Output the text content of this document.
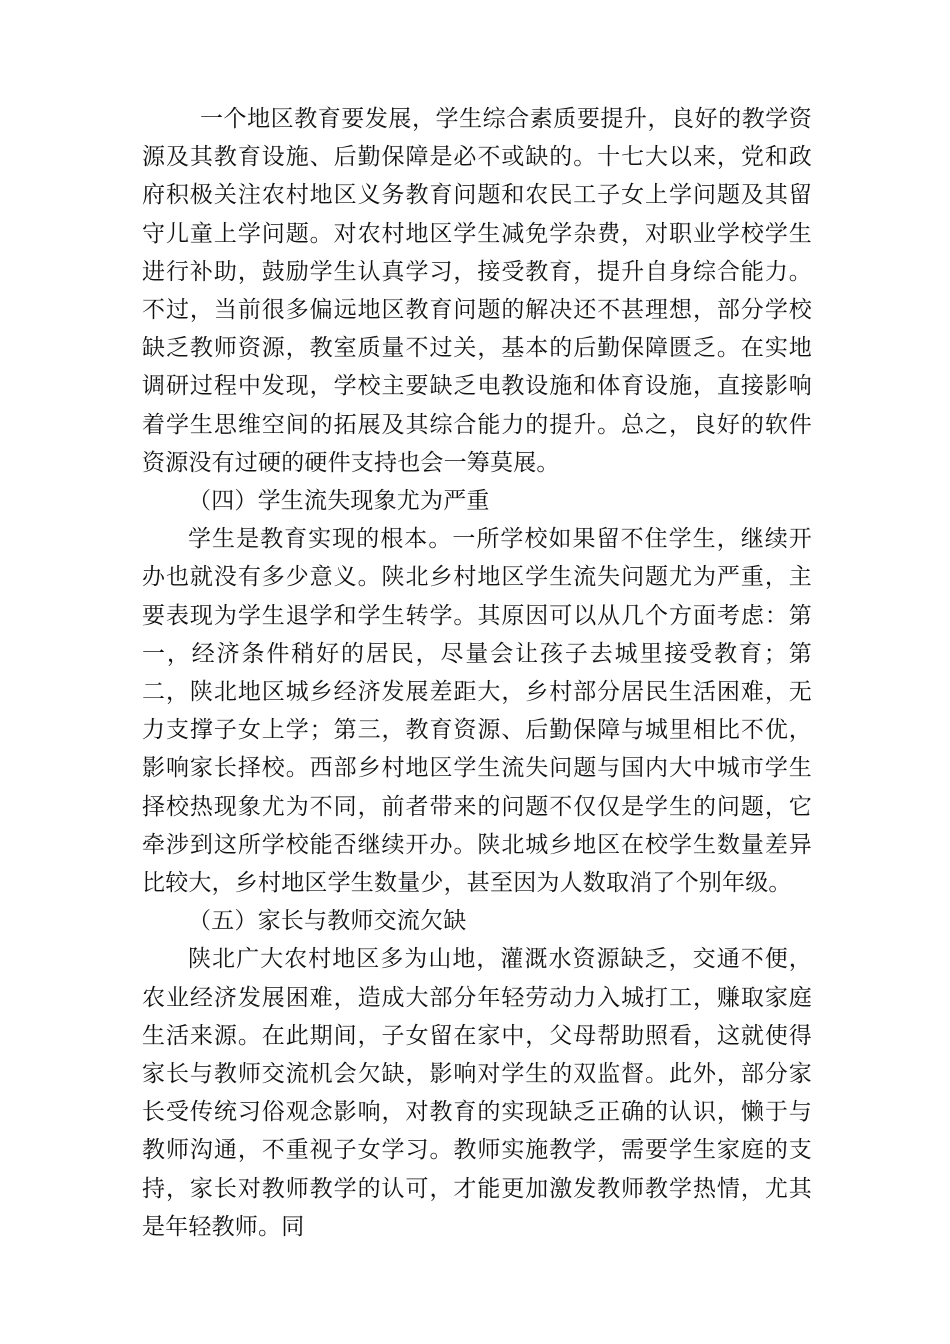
一个地区教育要发展，学生综合素质要提升，良好的教学资源及其教育设施、后勤保障是必不或缺的。十七大以来，党和政府积极关注农村地区义务教育问题和农民工子女上学问题及其留守儿童上学问题。对农村地区学生减免学杂费，对职业学校学生进行补助，鼓励学生认真学习，接受教育，提升自身综合能力。不过，当前很多偏远地区教育问题的解决还不甚理想，部分学校缺乏教师资源，教室质量不过关，基本的后勤保障匮乏。在实地调研过程中发现，学校主要缺乏电教设施和体育设施，直接影响着学生思维空间的拓展及其综合能力的提升。总之，良好的软件资源没有过硬的硬件支持也会一筹莫展。

（四）学生流失现象尤为严重

学生是教育实现的根本。一所学校如果留不住学生，继续开办也就没有多少意义。陕北乡村地区学生流失问题尤为严重，主要表现为学生退学和学生转学。其原因可以从几个方面考虑：第一，经济条件稍好的居民，尽量会让孩子去城里接受教育；第二，陕北地区城乡经济发展差距大，乡村部分居民生活困难，无力支撑子女上学；第三，教育资源、后勤保障与城里相比不优，影响家长择校。西部乡村地区学生流失问题与国内大中城市学生择校热现象尤为不同，前者带来的问题不仅仅是学生的问题，它牵涉到这所学校能否继续开办。陕北城乡地区在校学生数量差异比较大，乡村地区学生数量少，甚至因为人数取消了个别年级。

（五）家长与教师交流欠缺

陕北广大农村地区多为山地，灌溉水资源缺乏，交通不便，农业经济发展困难，造成大部分年轻劳动力入城打工，赚取家庭生活来源。在此期间，子女留在家中，父母帮助照看，这就使得家长与教师交流机会欠缺，影响对学生的双监督。此外，部分家长受传统习俗观念影响，对教育的实现缺乏正确的认识，懒于与教师沟通，不重视子女学习。教师实施教学，需要学生家庭的支持，家长对教师教学的认可，才能更加激发教师教学热情，尤其是年轻教师。同
